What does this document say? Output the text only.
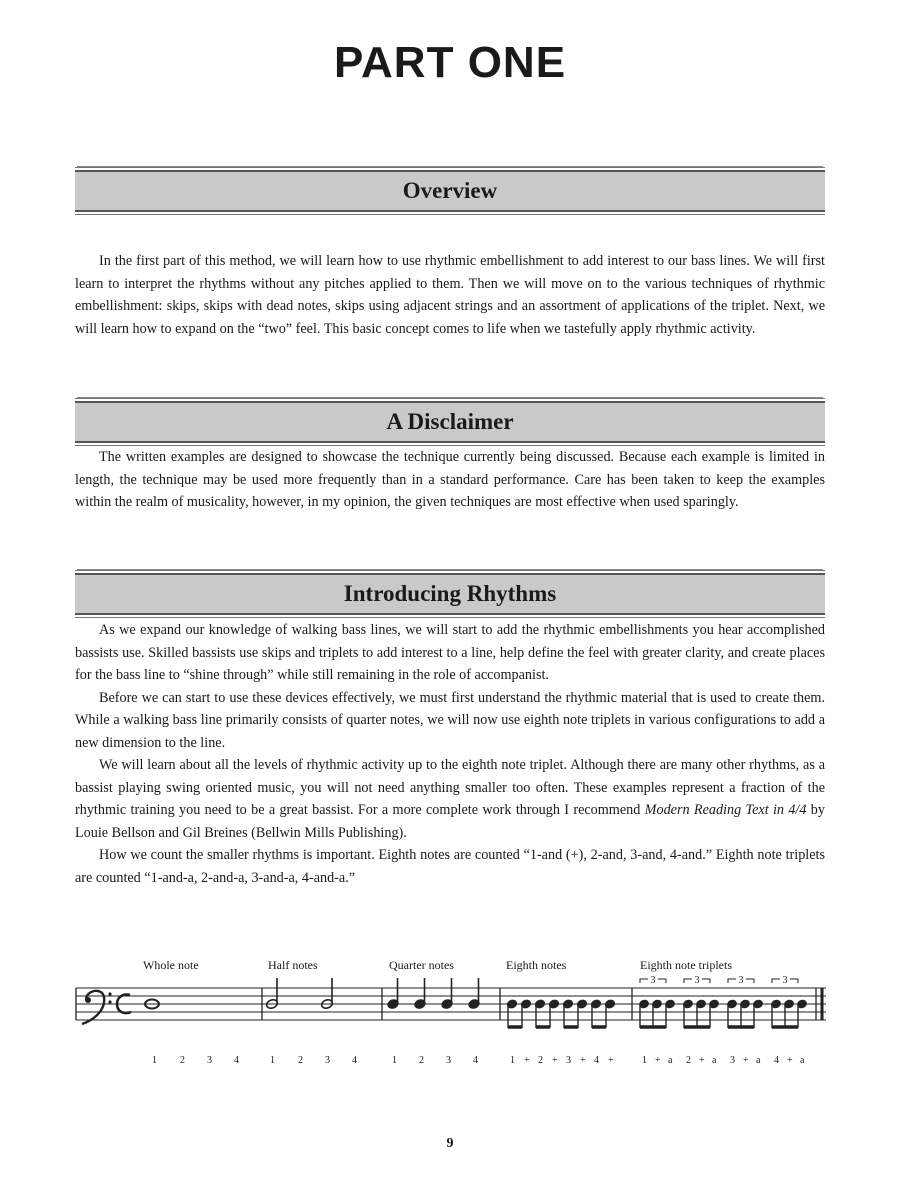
PART ONE
Overview

In the first part of this method, we will learn how to use rhythmic embellishment to add interest to our bass lines. We will first learn to interpret the rhythms without any pitches applied to them. Then we will move on to the various techniques of rhythmic embellishment: skips, skips with dead notes, skips using adjacent strings and an assortment of applications of the triplet. Next, we will learn how to expand on the “two” feel. This basic concept comes to life when we tastefully apply rhythmic activity.

A Disclaimer

The written examples are designed to showcase the technique currently being discussed. Because each example is limited in length, the technique may be used more frequently than in a standard performance. Care has been taken to keep the examples within the realm of musicality, however, in my opinion, the given techniques are most effective when used sparingly.

Introducing Rhythms

As we expand our knowledge of walking bass lines, we will start to add the rhythmic embellishments you hear accomplished bassists use. Skilled bassists use skips and triplets to add interest to a line, help define the feel with greater clarity, and create places for the bass line to “shine through” while still remaining in the role of accompanist.

Before we can start to use these devices effectively, we must first understand the rhythmic material that is used to create them. While a walking bass line primarily consists of quarter notes, we will now use eighth note triplets in various configurations to add a new dimension to the line.

We will learn about all the levels of rhythmic activity up to the eighth note triplet. Although there are many other rhythms, as a bassist playing swing oriented music, you will not need anything smaller too often. These examples represent a fraction of the rhythmic training you need to be a great bassist. For a more complete work through I recommend Modern Reading Text in 4/4 by Louie Bellson and Gil Breines (Bellwin Mills Publishing).

How we count the smaller rhythms is important. Eighth notes are counted “1-and (+), 2-and, 3-and, 4-and.” Eighth note triplets are counted “1-and-a, 2-and-a, 3-and-a, 4-and-a.”

Whole note	Half notes	Quarter notes	Eighth notes	Eighth note triplets
3	3	3	3
1 2 3 4	1 2 3 4	1 2 3 4	1 + 2 + 3 + 4 +	1 + a 2 + a 3 + a 4 + a
9
